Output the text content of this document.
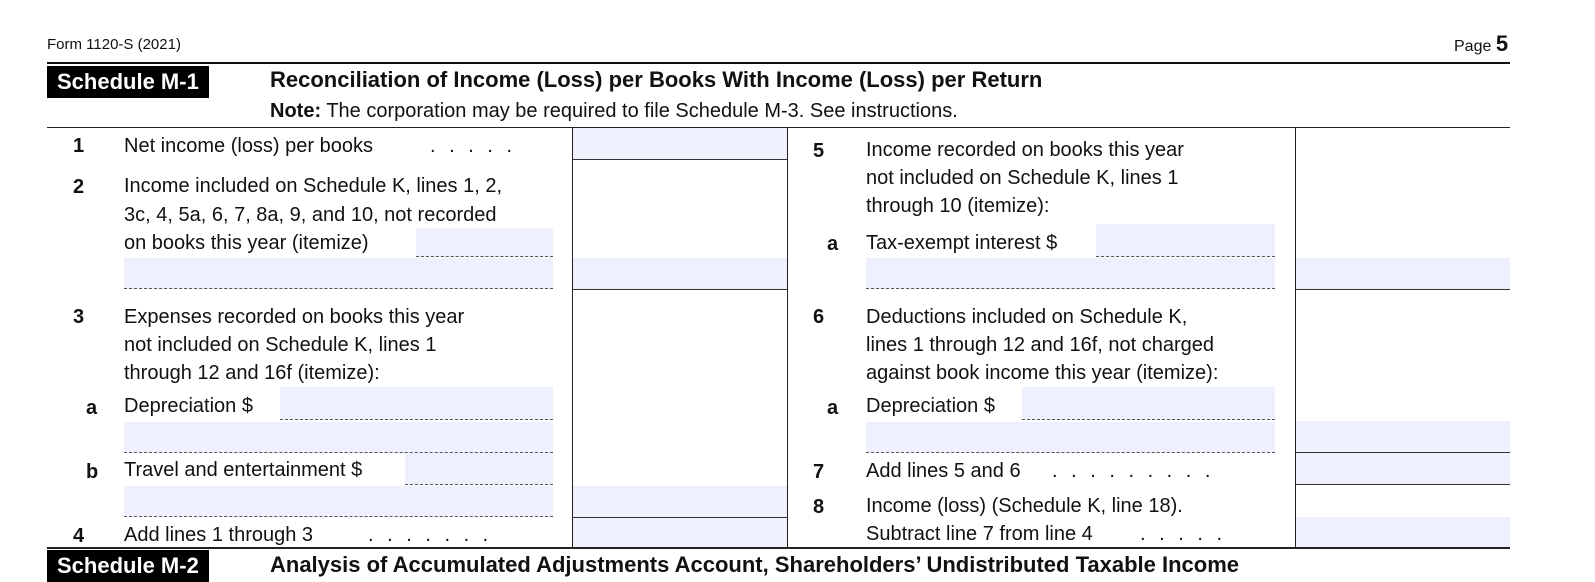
Form 1120-S (2021)	Page 5
Schedule M-1	Reconciliation of Income (Loss) per Books With Income (Loss) per Return
Note: The corporation may be required to file Schedule M-3. See instructions.
1 Net income (loss) per books	. . . . .
2 Income included on Schedule K, lines 1, 2,
3c, 4, 5a, 6, 7, 8a, 9, and 10, not recorded
on books this year (itemize)
3 Expenses recorded on books this year
not included on Schedule K, lines 1
through 12 and 16f (itemize):
a Depreciation $
b Travel and entertainment $
4 Add lines 1 through 3	. . . . . . .
5 Income recorded on books this year
not included on Schedule K, lines 1
through 10 (itemize):
a Tax-exempt interest $
6 Deductions included on Schedule K,
lines 1 through 12 and 16f, not charged
against book income this year (itemize):
a Depreciation $
7 Add lines 5 and 6 . . . . . . . . .
8 Income (loss) (Schedule K, line 18).
Subtract line 7 from line 4 . . . . .
Schedule M-2	Analysis of Accumulated Adjustments Account, Shareholders’ Undistributed Taxable Income
